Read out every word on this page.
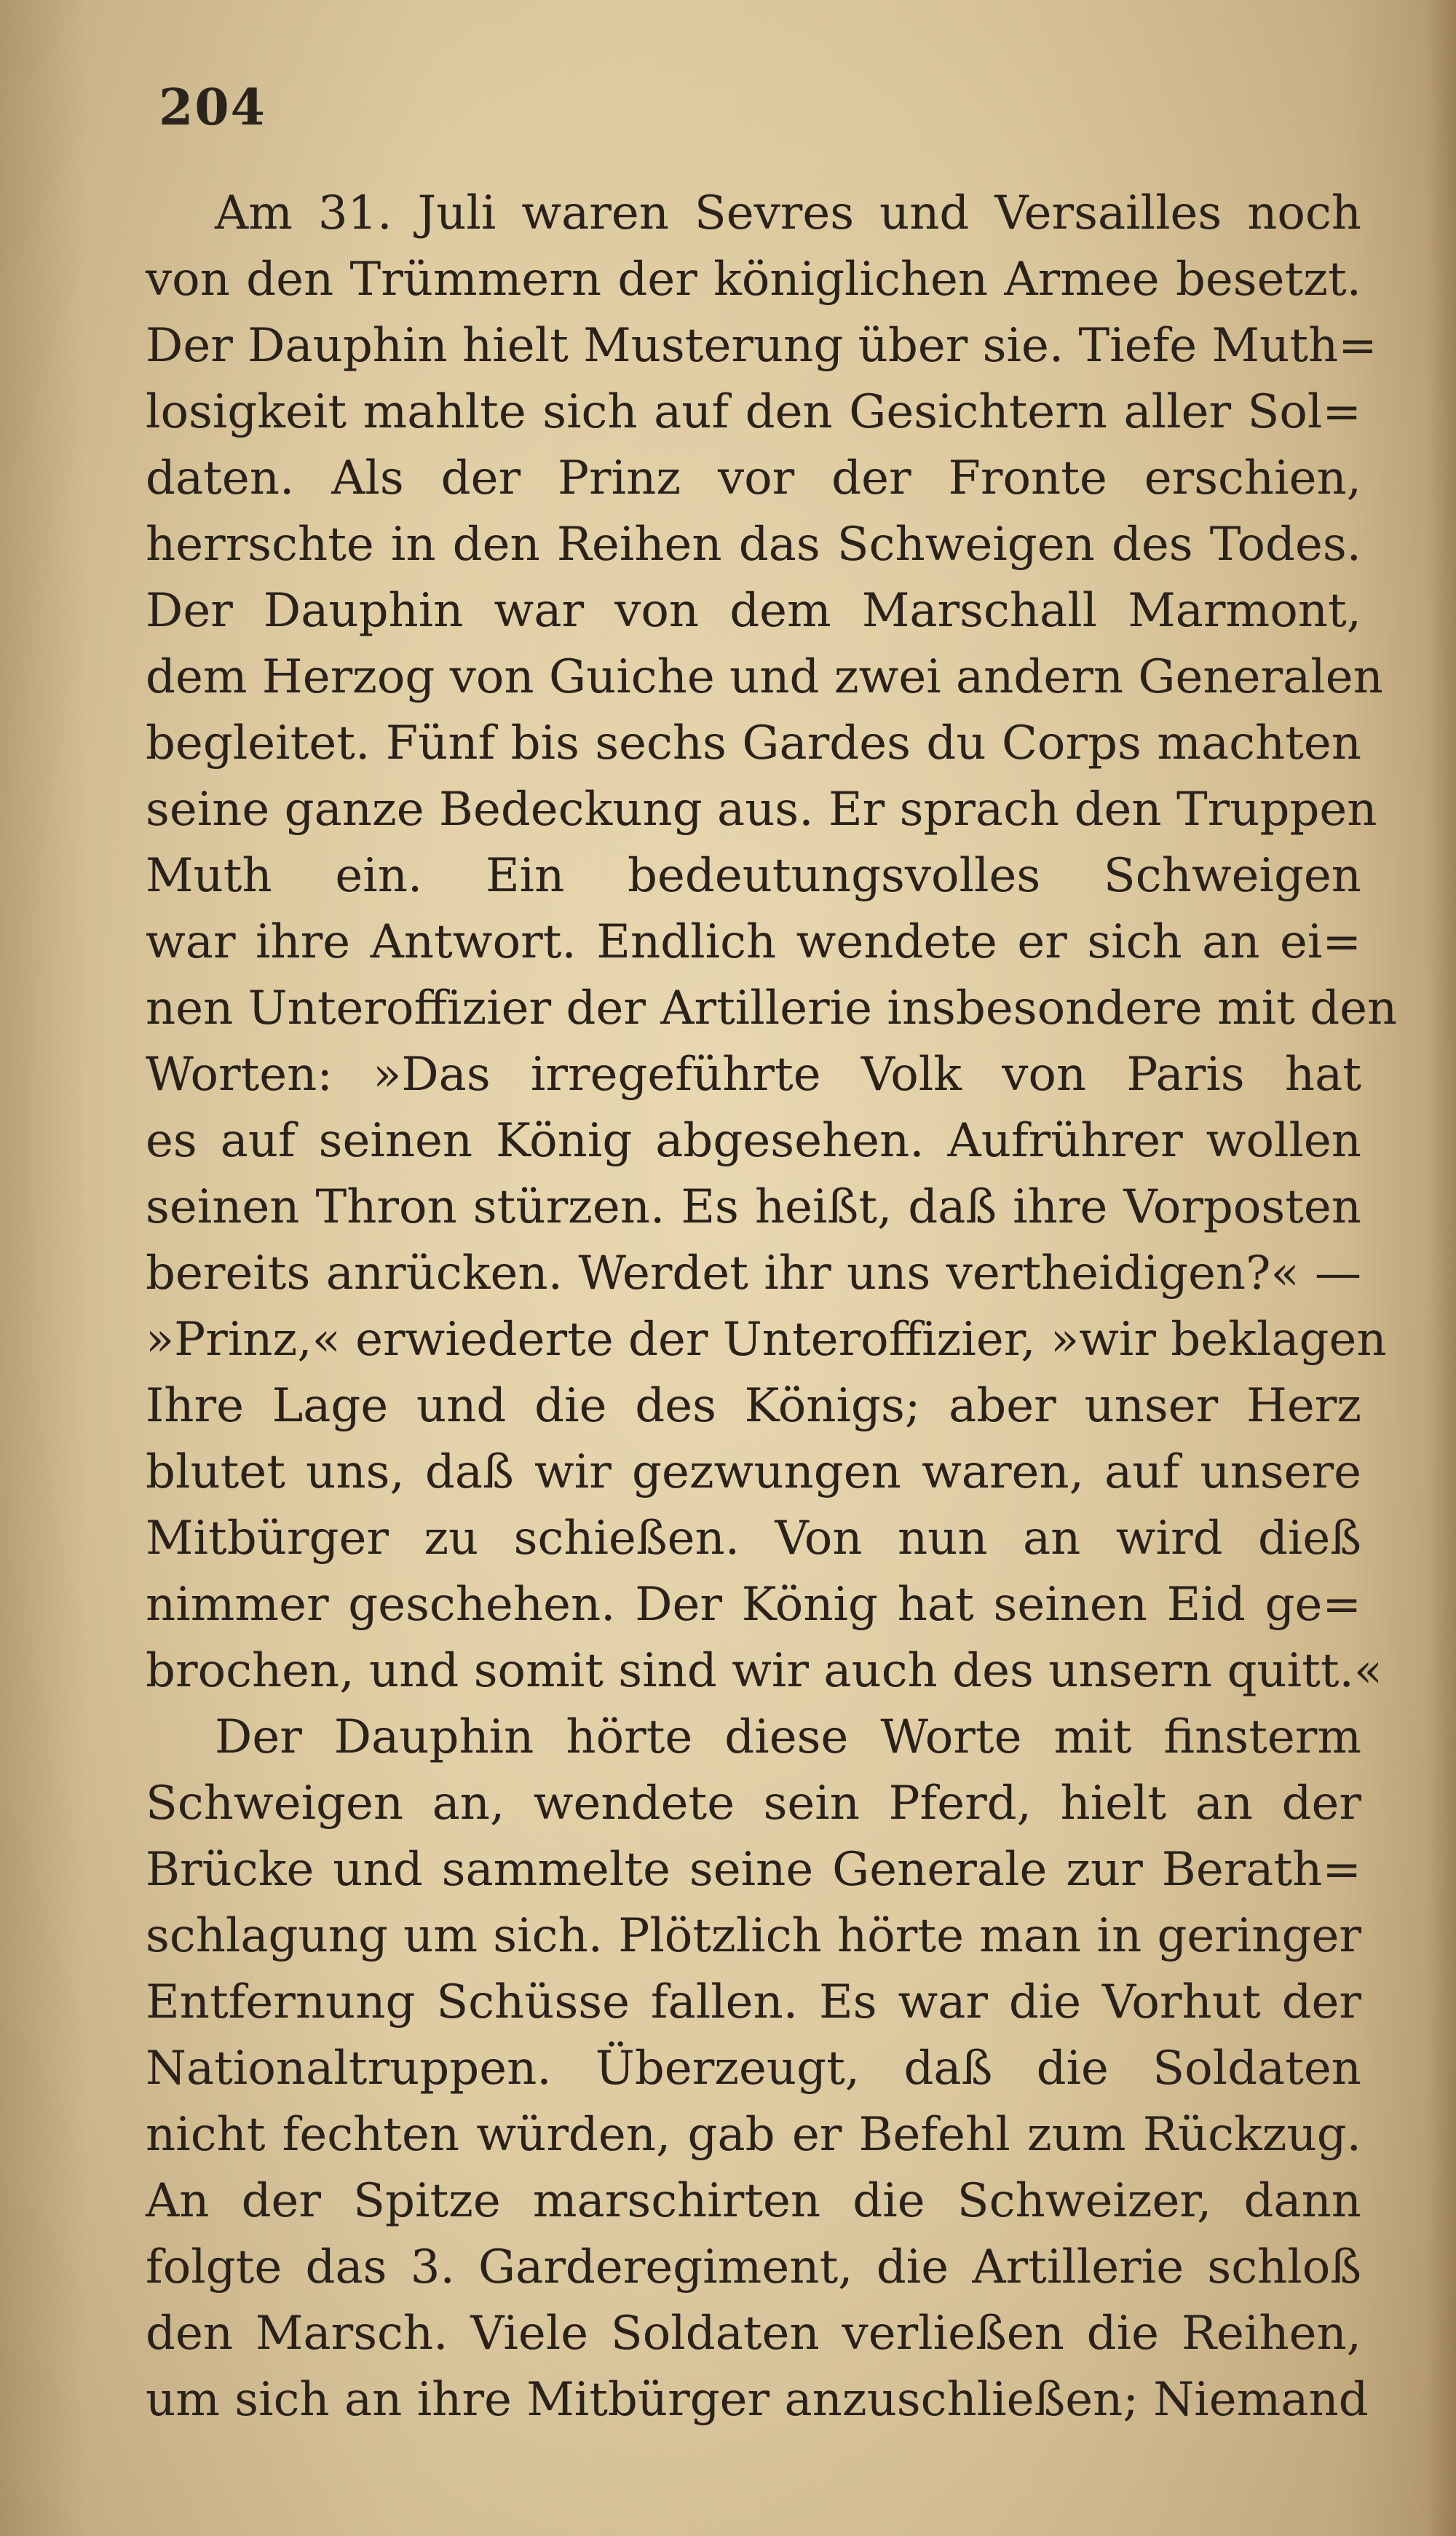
204
Am 31. Juli waren Sevres und Versailles noch
von den Trümmern der königlichen Armee besetzt.
Der Dauphin hielt Musterung über sie. Tiefe Muth=
losigkeit mahlte sich auf den Gesichtern aller Sol=
daten. Als der Prinz vor der Fronte erschien,
herrschte in den Reihen das Schweigen des Todes.
Der Dauphin war von dem Marschall Marmont,
dem Herzog von Guiche und zwei andern Generalen
begleitet. Fünf bis sechs Gardes du Corps machten
seine ganze Bedeckung aus. Er sprach den Truppen
Muth ein. Ein bedeutungsvolles Schweigen
war ihre Antwort. Endlich wendete er sich an ei=
nen Unteroffizier der Artillerie insbesondere mit den
Worten: »Das irregeführte Volk von Paris hat
es auf seinen König abgesehen. Aufrührer wollen
seinen Thron stürzen. Es heißt, daß ihre Vorposten
bereits anrücken. Werdet ihr uns vertheidigen?« —
»Prinz,« erwiederte der Unteroffizier, »wir beklagen
Ihre Lage und die des Königs; aber unser Herz
blutet uns, daß wir gezwungen waren, auf unsere
Mitbürger zu schießen. Von nun an wird dieß
nimmer geschehen. Der König hat seinen Eid ge=
brochen, und somit sind wir auch des unsern quitt.«
Der Dauphin hörte diese Worte mit finsterm
Schweigen an, wendete sein Pferd, hielt an der
Brücke und sammelte seine Generale zur Berath=
schlagung um sich. Plötzlich hörte man in geringer
Entfernung Schüsse fallen. Es war die Vorhut der
Nationaltruppen. Überzeugt, daß die Soldaten
nicht fechten würden, gab er Befehl zum Rückzug.
An der Spitze marschirten die Schweizer, dann
folgte das 3. Garderegiment, die Artillerie schloß
den Marsch. Viele Soldaten verließen die Reihen,
um sich an ihre Mitbürger anzuschließen; Niemand
